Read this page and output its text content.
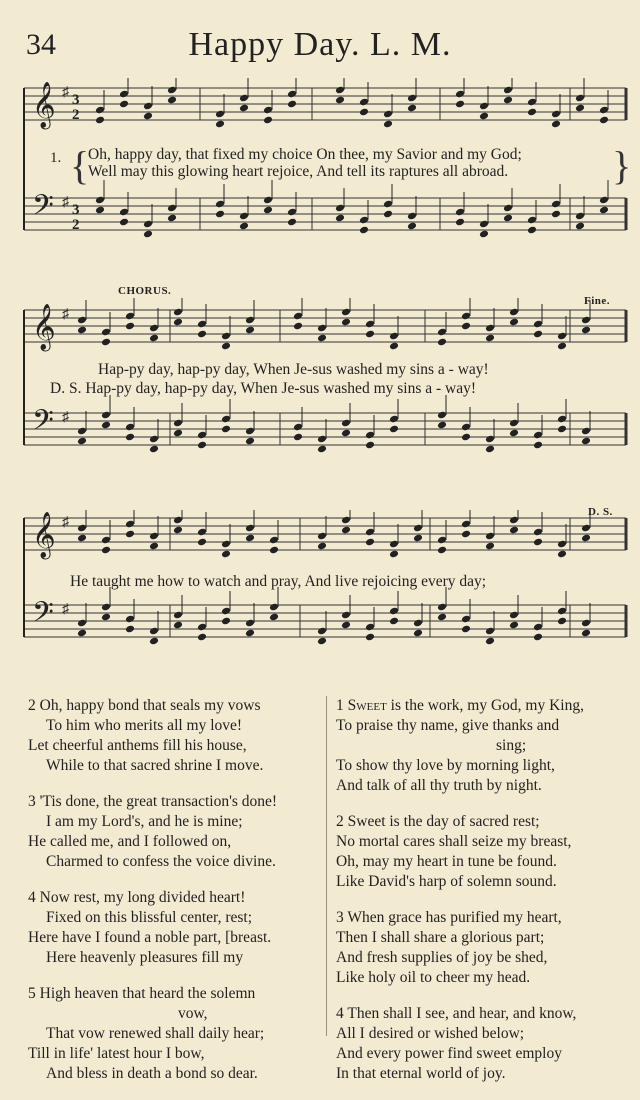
34	Happy Day. L. M.
𝄞 ♯ 3
2
𝄢 ♯ 3
2
1. {
Oh, happy day, that fixed my choice On thee, my Savior and my God;
Well may this glowing heart rejoice, And tell its raptures all abroad.	}
CHORUS.
Fine.
𝄞 ♯
𝄢 ♯
Hap-py day, hap-py day, When Je-sus washed my sins a - way!
D. S. Hap-py day, hap-py day, When Je-sus washed my sins a - way!
D. S.
𝄞 ♯
𝄢 ♯
He taught me how to watch and pray, And live rejoicing every day;
2 Oh, happy bond that seals my vows
To him who merits all my love!
Let cheerful anthems fill his house,
While to that sacred shrine I move.
3 'Tis done, the great transaction's done!
I am my Lord's, and he is mine;
He called me, and I followed on,
Charmed to confess the voice divine.
4 Now rest, my long divided heart!
Fixed on this blissful center, rest;
Here have I found a noble part, [breast.
Here heavenly pleasures fill my
5 High heaven that heard the solemn
vow,
That vow renewed shall daily hear;
Till in life' latest hour I bow,
And bless in death a bond so dear.
1 Sweet is the work, my God, my King,
To praise thy name, give thanks and
sing;
To show thy love by morning light,
And talk of all thy truth by night.
2 Sweet is the day of sacred rest;
No mortal cares shall seize my breast,
Oh, may my heart in tune be found.
Like David's harp of solemn sound.
3 When grace has purified my heart,
Then I shall share a glorious part;
And fresh supplies of joy be shed,
Like holy oil to cheer my head.
4 Then shall I see, and hear, and know,
All I desired or wished below;
And every power find sweet employ
In that eternal world of joy.
